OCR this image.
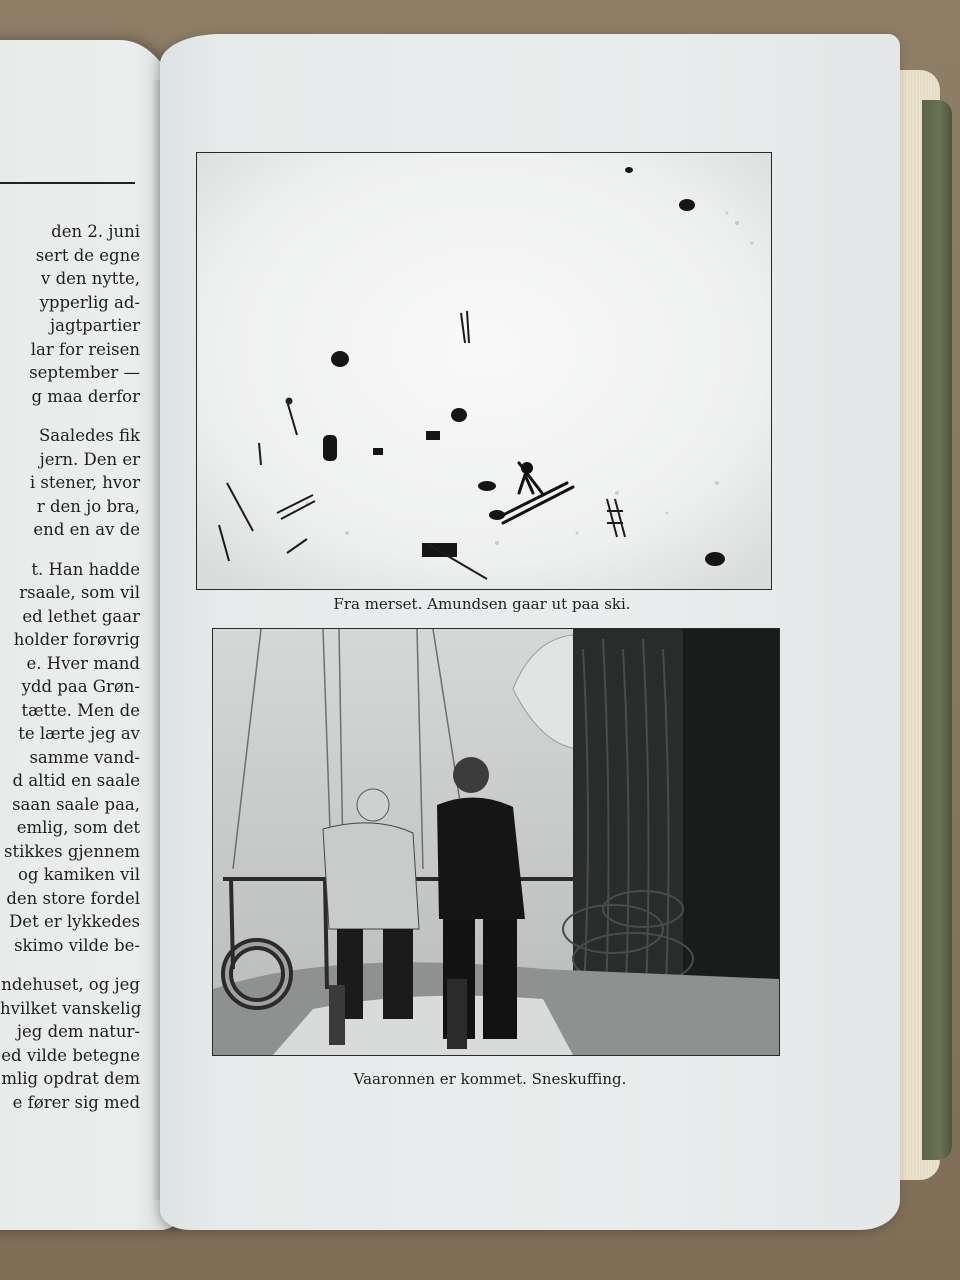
den 2. juni
sert de egne
v den nytte,
ypperlig ad-
jagtpartier
lar for reisen
september —
g maa derfor
Saaledes fik
jern. Den er
i stener, hvor
r den jo bra,
end en av de
t. Han hadde
rsaale, som vil
ed lethet gaar
holder forøvrig
e. Hver mand
ydd paa Grøn-
tætte. Men de
te lærte jeg av
samme vand-
d altid en saale
saan saale paa,
emlig, som det
stikkes gjennem
og kamiken vil
den store fordel
Det er lykkedes
skimo vilde be-
ndehuset, og jeg
hvilket vanskelig
jeg dem natur-
ed vilde betegne
mlig opdrat dem
e fører sig med
Fra merset. Amundsen gaar ut paa ski.
Vaaronnen er kommet. Sneskuffing.
